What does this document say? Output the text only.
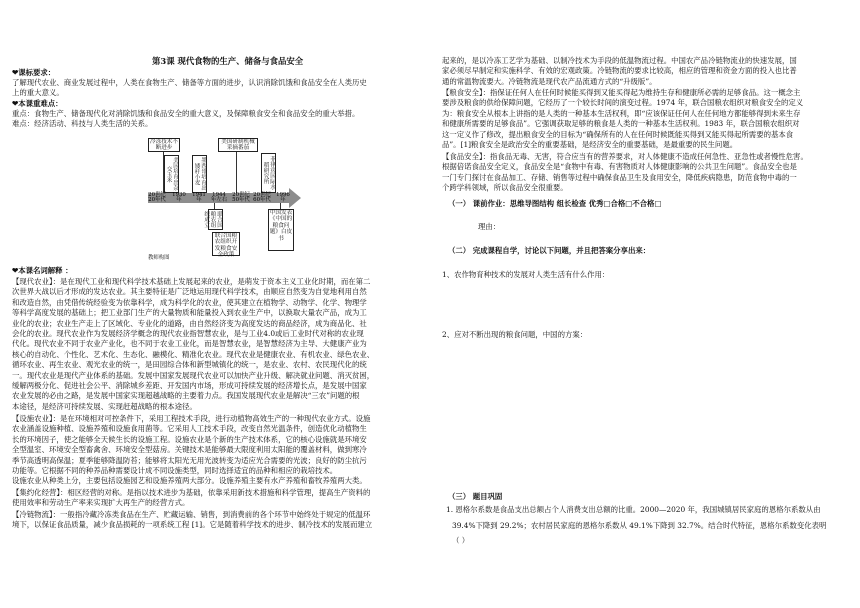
第3课 现代食物的生产、储备与食品安全
❤课标要求：
了解现代农业、商业发展过程中，人类在食物生产、储备等方面的进步，认识消除饥饿和食品安全在人类历史
上的重大意义。
❤本课重难点：
重点：食物生产、储备现代化对消除饥饿和食品安全的重大意义，及保障粮食安全和食品安全的重大举措。
难点：经济活动、科技与人类生活的关系。
冷冻技术不断进步
美国培育出杂交玉米	墨西哥培育出矮秆小麦
美国研制机械采摘番茄
菲律宾国际水稻研究所
20世纪20年代
1930年
1941年
1944年左右
20世纪50年代
20世纪60年代
1996年
联合国粮农组织成立
联合国粮农组织开发粮食安全政策
中国发表《中国的粮食问题》白皮书
教师构图
❤本课名词解释 ：
【现代农业】：是在现代工业和现代科学技术基础上发展起来的农业，是萌发于资本主义工业化时期，而在第二
次世界大战以后才形成的发达农业。其主要特征是广泛地运用现代科学技术，由顺应自然变为自觉地利用自然
和改造自然，由凭借传统经验变为依靠科学，成为科学化的农业，使其建立在植物学、动物学、化学、物理学
等科学高度发展的基础上；把工业部门生产的大量物质和能量投入到农业生产中，以换取大量农产品，成为工
业化的农业；农业生产走上了区域化、专业化的道路，由自然经济变为高度发达的商品经济，成为商品化、社
会化的农业。现代农业作为发展经济学概念的现代农业指智慧农业，是与工业4.0或后工业时代对称的农业现
代化。现代农业不同于农业产业化，也不同于农业工业化，而是智慧农业，是智慧经济为主导、大健康产业为
核心的自动化、个性化、艺术化、生态化、融模化、精准化农业。现代农业是健康农业、有机农业、绿色农业、
循环农业、再生农业、观光农业的统一，是田园综合体和新型城镇化的统一，是农业、农村、农民现代化的统
一。现代农业是现代产业体系的基础。发展中国家发展现代农业可以加快产业升级、解决就业问题、消灭贫困，
缓解两极分化、促进社会公平、消除城乡差距、开发国内市场，形成可持续发展的经济增长点，是发展中国家
农业发展的必由之路，是发展中国家实现超越战略的主要着力点。我国发展现代农业是解决“三农”问题的根
本途径，是经济可持续发展、实现赶超战略的根本途径。
【设施农业】：是在环境相对可控条件下，采用工程技术手段，进行动植物高效生产的一种现代农业方式。设施
农业涵盖设施种植、设施养殖和设施食用菌等。它采用人工技术手段，改变自然光温条件，创造优化动植物生
长的环境因子，使之能够全天候生长的设施工程。设施农业是个新的生产技术体系，它的核心设施就是环境安
全型温室、环境安全型畜禽舍、环境安全型菇房。关键技术是能够最大限度利用太阳能的覆盖材料，做到寒冷
季节高透明高保温；夏季能够降温防苔；能够将太阳光无用光波转变为适应光合需要的光波；良好的防尘抗污
功能等。它根据不同的种养品种需要设计成不同设施类型，同时选择适宜的品种和相应的栽培技术。
设施农业从种类上分，主要包括设施园艺和设施养殖两大部分。设施养殖主要有水产养殖和畜牧养殖两大类。
【集约化经营】：相区经营的对称。是指以技术进步为基础，依靠采用新技术措施和科学管理，提高生产资料的
使用效率和劳动生产率来实现扩大再生产的经营方式。
【冷链物流】：一般指冷藏冷冻类食品在生产、贮藏运输、销售，到消费前的各个环节中始终处于规定的低温环
境下，以保证食品质量，减少食品损耗的一项系统工程 [1]。它是随着科学技术的进步、制冷技术的发展而建立
起来的，是以冷冻工艺学为基础、以制冷技术为手段的低温物流过程。中国农产品冷链物流业的快速发展，国
家必须尽早制定和实施科学、有效的宏观政策。冷链物流的要求比较高，相应的管理和资金方面的投入也比普
通的常温物流要大。冷链物流是现代农产品流通方式的“升级版”。
【粮食安全】：指保证任何人在任何时候能买得到又能买得起为维持生存和健康所必需的足够食品。这一概念主
要涉及粮食的供给保障问题，它经历了一个较长时间的演变过程。1974 年，联合国粮农组织对粮食安全的定义
为：粮食安全从根本上讲指的是人类的一种基本生活权利，即“应该保证任何人在任何地方都能够得到未来生存
和健康所需要的足够食品”。它强调获取足够的粮食是人类的一种基本生活权利。1983 年，联合国粮农组织对
这一定义作了修改，提出粮食安全的目标为“确保所有的人在任何时候既能买得到又能买得起所需要的基本食
品”。[1]粮食安全是政治安全的重要基础，是经济安全的重要基础，是最重要的民生问题。
【食品安全】：指食品无毒、无害，符合应当有的营养要求，对人体健康不造成任何急性、亚急性或者慢性危害。
根据倍诺食品安全定义，食品安全是“食物中有毒、有害物质对人体健康影响的公共卫生问题”。食品安全也是
一门专门探讨在食品加工、存储、销售等过程中确保食品卫生及食用安全，降低疾病隐患，防范食物中毒的一
个跨学科领域，所以食品安全很重要。
（一） 课前作业：思维导图结构 组长检查 优秀□合格□不合格□
理由：
（二） 完成课程自学，讨论以下问题，并且把答案分享出来：
1、农作物育种技术的发展对人类生活有什么作用：
2、应对不断出现的粮食问题，中国的方案：
（三） 题目巩固
1. 恩格尔系数是食品支出总额占个人消费支出总额的比重。2000—2020 年，我国城镇居民家庭的恩格尔系数从由
39.4%下降到 29.2%；农村居民家庭的恩格尔系数从 49.1%下降到 32.7%。结合时代特征，恩格尔系数变化表明
（ ）
